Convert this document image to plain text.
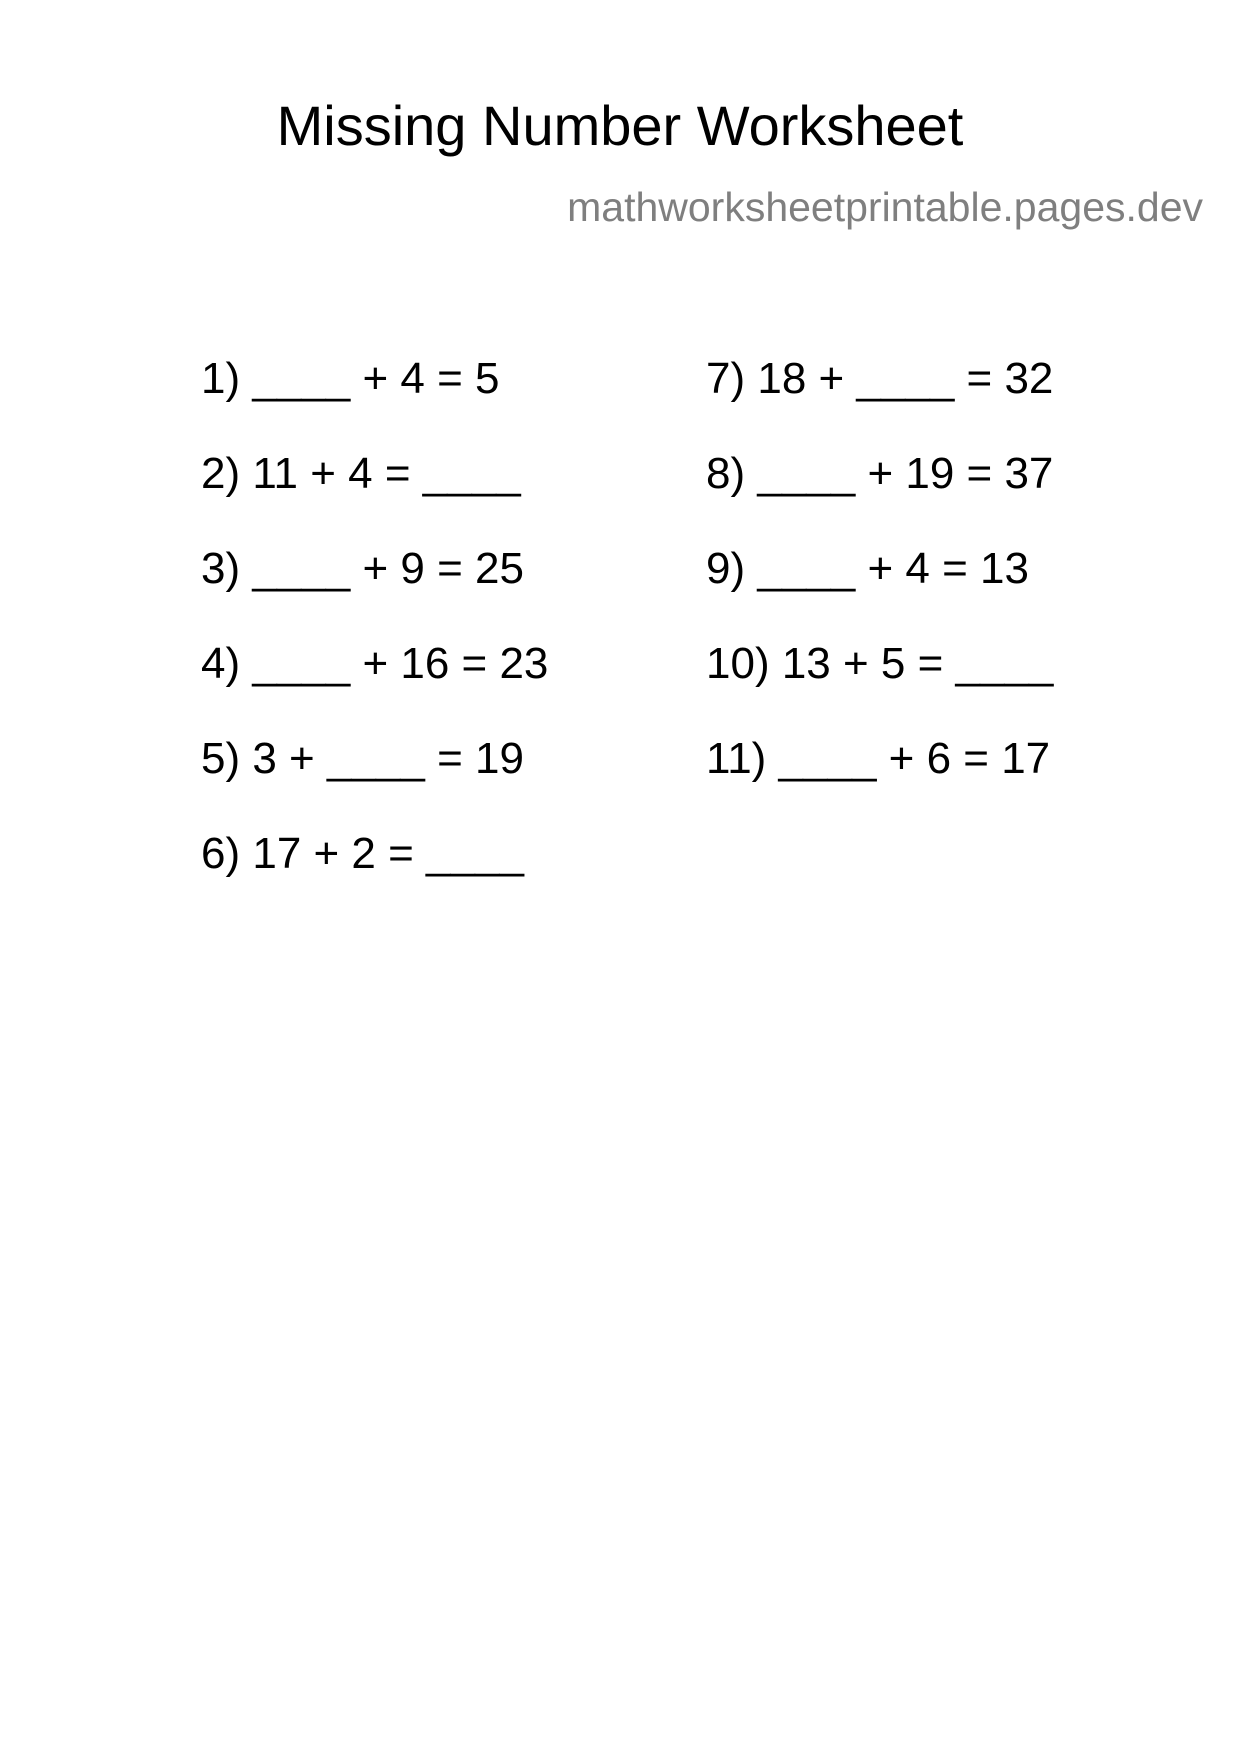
Missing Number Worksheet
mathworksheetprintable.pages.dev
1) ____ + 4 = 5
2) 11 + 4 = ____
3) ____ + 9 = 25
4) ____ + 16 = 23
5) 3 + ____ = 19
6) 17 + 2 = ____
7) 18 + ____ = 32
8) ____ + 19 = 37
9) ____ + 4 = 13
10) 13 + 5 = ____
11) ____ + 6 = 17
